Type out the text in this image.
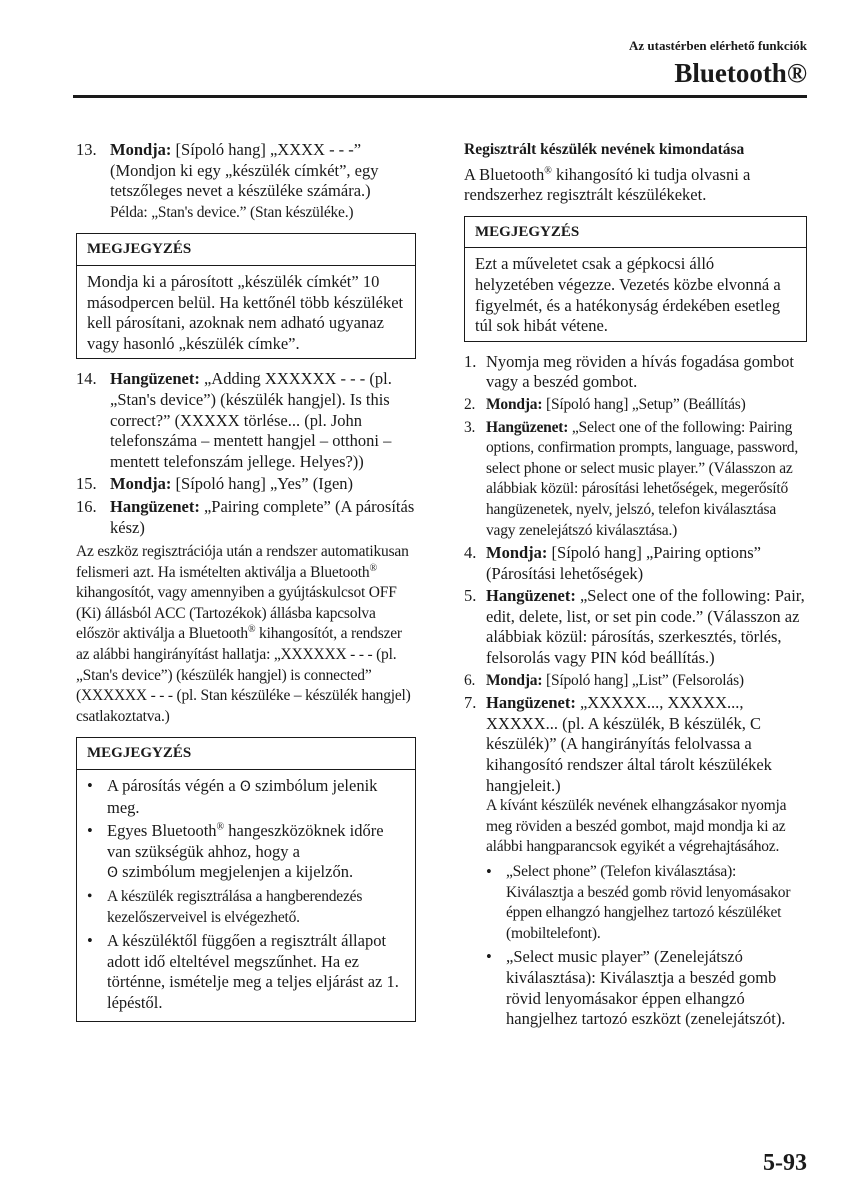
Az utastérben elérhető funkciók
Bluetooth®
13. Mondja: [Sípoló hang] „XXXX - - -” (Mondjon ki egy „készülék címkét”, egy tetszőleges nevet a készüléke számára.)
Példa: „Stan's device.” (Stan készüléke.)
MEGJEGYZÉS
Mondja ki a párosított „készülék címkét” 10 másodpercen belül. Ha kettőnél több készüléket kell párosítani, azoknak nem adható ugyanaz vagy hasonló „készülék címke”.
14. Hangüzenet: „Adding XXXXXX - - - (pl. „Stan's device”) (készülék hangjel). Is this correct?” (XXXXX törlése... (pl. John telefonszáma – mentett hangjel – otthoni – mentett telefonszám jellege. Helyes?))
15. Mondja: [Sípoló hang] „Yes” (Igen)
16. Hangüzenet: „Pairing complete” (A párosítás kész)
Az eszköz regisztrációja után a rendszer automatikusan felismeri azt. Ha ismételten aktiválja a Bluetooth® kihangosítót, vagy amennyiben a gyújtáskulcsot OFF (Ki) állásból ACC (Tartozékok) állásba kapcsolva először aktiválja a Bluetooth® kihangosítót, a rendszer az alábbi hangirányítást hallatja: „XXXXXX - - - (pl. „Stan's device”) (készülék hangjel) is connected” (XXXXXX - - - (pl. Stan készüléke – készülék hangjel) csatlakoztatva.)
MEGJEGYZÉS
• A párosítás végén a ʘ szimbólum jelenik meg.
• Egyes Bluetooth® hangeszközöknek időre van szükségük ahhoz, hogy a
ʘ szimbólum megjelenjen a kijelzőn.
• A készülék regisztrálása a hangberendezés kezelőszerveivel is elvégezhető.
• A készüléktől függően a regisztrált állapot adott idő elteltével megszűnhet. Ha ez történne, ismételje meg a teljes eljárást az 1. lépéstől.
Regisztrált készülék nevének kimondatása
A Bluetooth® kihangosító ki tudja olvasni a rendszerhez regisztrált készülékeket.
MEGJEGYZÉS
Ezt a műveletet csak a gépkocsi álló helyzetében végezze. Vezetés közbe elvonná a figyelmét, és a hatékonyság érdekében esetleg túl sok hibát vétene.
1. Nyomja meg röviden a hívás fogadása gombot vagy a beszéd gombot.
2. Mondja: [Sípoló hang] „Setup” (Beállítás)
3. Hangüzenet: „Select one of the following: Pairing options, confirmation prompts, language, password, select phone or select music player.” (Válasszon az alábbiak közül: párosítási lehetőségek, megerősítő hangüzenetek, nyelv, jelszó, telefon kiválasztása vagy zenelejátszó kiválasztása.)
4. Mondja: [Sípoló hang] „Pairing options” (Párosítási lehetőségek)
5. Hangüzenet: „Select one of the following: Pair, edit, delete, list, or set pin code.” (Válasszon az alábbiak közül: párosítás, szerkesztés, törlés, felsorolás vagy PIN kód beállítás.)
6. Mondja: [Sípoló hang] „List” (Felsorolás)
7. Hangüzenet: „XXXXX..., XXXXX..., XXXXX... (pl. A készülék, B készülék, C készülék)” (A hangirányítás felolvassa a kihangosító rendszer által tárolt készülékek hangjeleit.)
A kívánt készülék nevének elhangzásakor nyomja meg röviden a beszéd gombot, majd mondja ki az alábbi hangparancsok egyikét a végrehajtásához.
• „Select phone” (Telefon kiválasztása): Kiválasztja a beszéd gomb rövid lenyomásakor éppen elhangzó hangjelhez tartozó készüléket (mobiltelefont).
• „Select music player” (Zenelejátszó kiválasztása): Kiválasztja a beszéd gomb rövid lenyomásakor éppen elhangzó hangjelhez tartozó eszközt (zenelejátszót).
5-93
